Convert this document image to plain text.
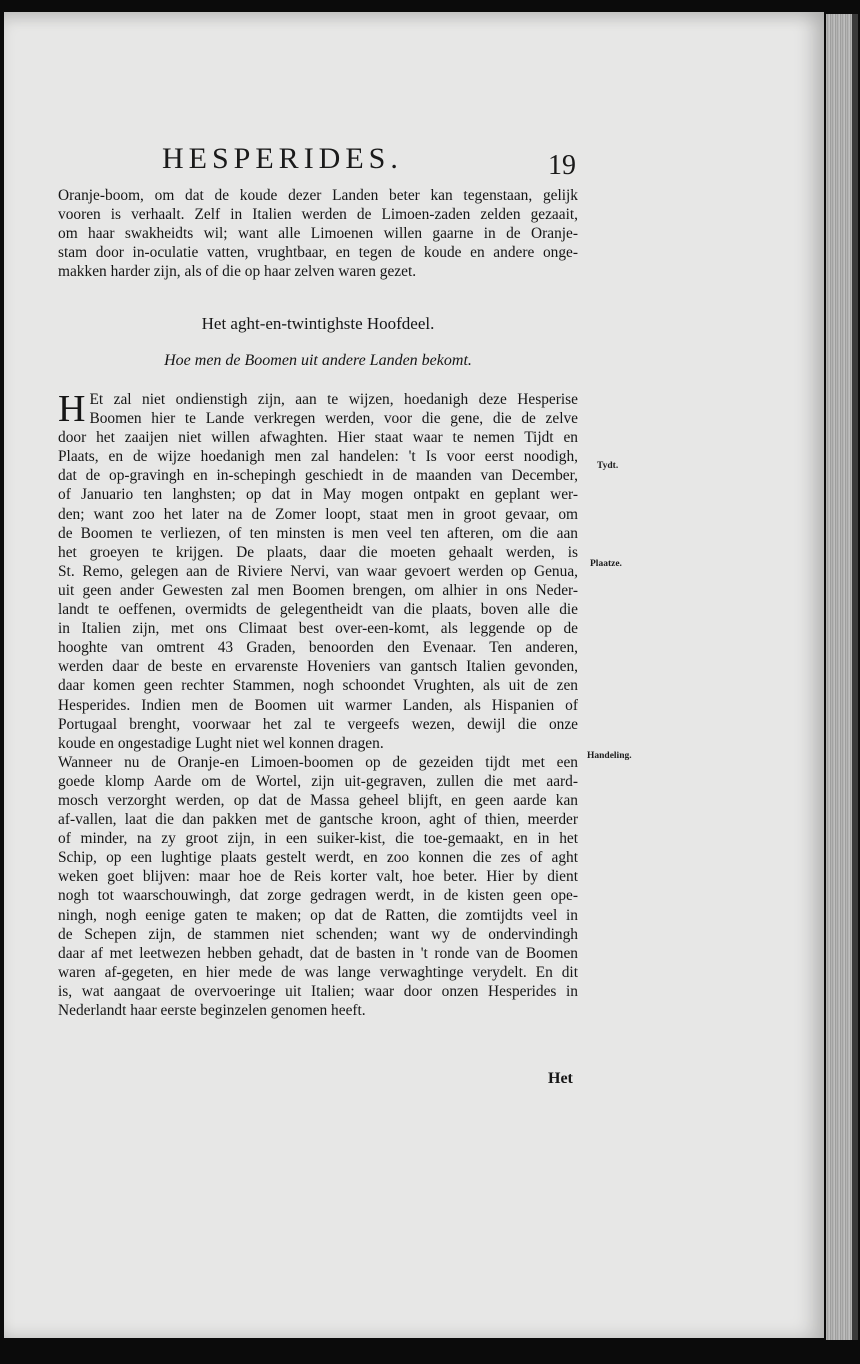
HESPERIDES.	19
Oranje-boom, om dat de koude dezer Landen beter kan tegenstaan, gelijk
vooren is verhaalt. Zelf in Italien werden de Limoen-zaden zelden gezaait,
om haar swakheidts wil; want alle Limoenen willen gaarne in de Oranje-
stam door in-oculatie vatten, vrughtbaar, en tegen de koude en andere onge-
makken harder zijn, als of die op haar zelven waren gezet.
Het aght-en-twintighste Hoofdeel.
Hoe men de Boomen uit andere Landen bekomt.
H Et zal niet ondienstigh zijn, aan te wijzen, hoedanigh deze Hesperise
Boomen hier te Lande verkregen werden, voor die gene, die de zelve
door het zaaijen niet willen afwaghten. Hier staat waar te nemen Tijdt en
Plaats, en de wijze hoedanigh men zal handelen: 't Is voor eerst noodigh,
dat de op-gravingh en in-schepingh geschiedt in de maanden van December,
of Januario ten langhsten; op dat in May mogen ontpakt en geplant wer-
den; want zoo het later na de Zomer loopt, staat men in groot gevaar, om
de Boomen te verliezen, of ten minsten is men veel ten afteren, om die aan
het groeyen te krijgen. De plaats, daar die moeten gehaalt werden, is
St. Remo, gelegen aan de Riviere Nervi, van waar gevoert werden op Genua,
uit geen ander Gewesten zal men Boomen brengen, om alhier in ons Neder-
landt te oeffenen, overmidts de gelegentheidt van die plaats, boven alle die
in Italien zijn, met ons Climaat best over-een-komt, als leggende op de
hooghte van omtrent 43 Graden, benoorden den Evenaar. Ten anderen,
werden daar de beste en ervarenste Hoveniers van gantsch Italien gevonden,
daar komen geen rechter Stammen, nogh schoondet Vrughten, als uit de zen
Hesperides. Indien men de Boomen uit warmer Landen, als Hispanien of
Portugaal brenght, voorwaar het zal te vergeefs wezen, dewijl die onze
koude en ongestadige Lught niet wel konnen dragen.
Wanneer nu de Oranje-en Limoen-boomen op de gezeiden tijdt met een
goede klomp Aarde om de Wortel, zijn uit-gegraven, zullen die met aard-
mosch verzorght werden, op dat de Massa geheel blijft, en geen aarde kan
af-vallen, laat die dan pakken met de gantsche kroon, aght of thien, meerder
of minder, na zy groot zijn, in een suiker-kist, die toe-gemaakt, en in het
Schip, op een lughtige plaats gestelt werdt, en zoo konnen die zes of aght
weken goet blijven: maar hoe de Reis korter valt, hoe beter. Hier by dient
nogh tot waarschouwingh, dat zorge gedragen werdt, in de kisten geen ope-
ningh, nogh eenige gaten te maken; op dat de Ratten, die zomtijdts veel in
de Schepen zijn, de stammen niet schenden; want wy de ondervindingh
daar af met leetwezen hebben gehadt, dat de basten in 't ronde van de Boomen
waren af-gegeten, en hier mede de was lange verwaghtinge verydelt. En dit
is, wat aangaat de overvoeringe uit Italien; waar door onzen Hesperides in
Nederlandt haar eerste beginzelen genomen heeft.
Tydt.
Plaatze.
Handeling.
Het
